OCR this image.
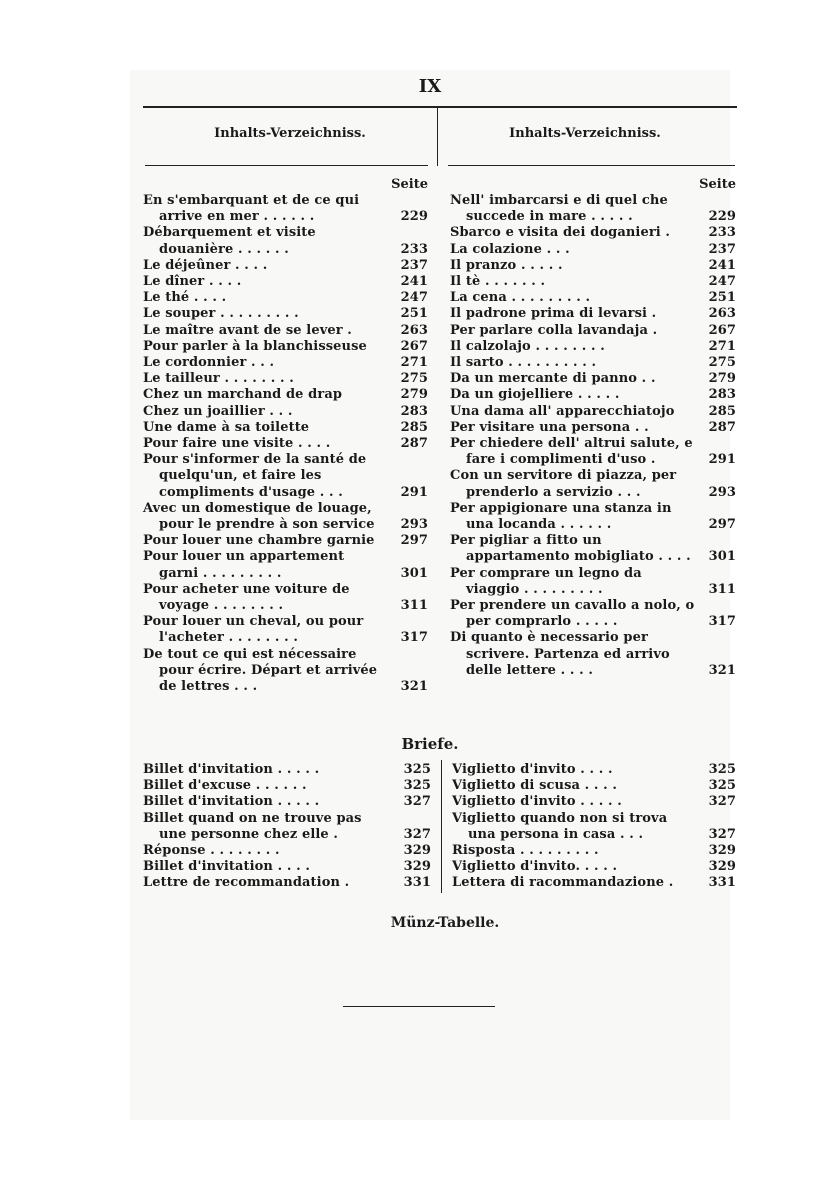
IX
Inhalts-Verzeichniss.	Inhalts-Verzeichniss.
Seite	Seite
En s'embarquant et de ce qui arrive en mer . . . . . .	229
Débarquement et visite douanière . . . . . .	233
Le déjeûner . . . .	237
Le dîner . . . .	241
Le thé . . . .	247
Le souper . . . . . . . . .	251
Le maître avant de se lever .	263
Pour parler à la blanchisseuse	267
Le cordonnier . . .	271
Le tailleur . . . . . . . .	275
Chez un marchand de drap	279
Chez un joaillier . . .	283
Une dame à sa toilette	285
Pour faire une visite . . . .	287
Pour s'informer de la santé de quelqu'un, et faire les compliments d'usage . . .	291
Avec un domestique de louage, pour le prendre à son service	293
Pour louer une chambre garnie	297
Pour louer un appartement garni . . . . . . . . .	301
Pour acheter une voiture de voyage . . . . . . . .	311
Pour louer un cheval, ou pour l'acheter . . . . . . . .	317
De tout ce qui est nécessaire pour écrire. Départ et arrivée de lettres . . .	321
Nell' imbarcarsi e di quel che succede in mare . . . . .	229
Sbarco e visita dei doganieri .	233
La colazione . . .	237
Il pranzo . . . . .	241
Il tè . . . . . . .	247
La cena . . . . . . . . .	251
Il padrone prima di levarsi .	263
Per parlare colla lavandaja .	267
Il calzolajo . . . . . . . .	271
Il sarto . . . . . . . . . .	275
Da un mercante di panno . .	279
Da un giojelliere . . . . .	283
Una dama all' apparecchiatojo	285
Per visitare una persona . .	287
Per chiedere dell' altrui salute, e fare i complimenti d'uso .	291
Con un servitore di piazza, per prenderlo a servizio . . .	293
Per appigionare una stanza in una locanda . . . . . .	297
Per pigliar a fitto un appartamento mobigliato . . . .	301
Per comprare un legno da viaggio . . . . . . . . .	311
Per prendere un cavallo a nolo, o per comprarlo . . . . .	317
Di quanto è necessario per scrivere. Partenza ed arrivo delle lettere . . . .	321
Briefe.
Billet d'invitation . . . . .	325
Billet d'excuse . . . . . .	325
Billet d'invitation . . . . .	327
Billet quand on ne trouve pas une personne chez elle .	327
Réponse . . . . . . . .	329
Billet d'invitation . . . .	329
Lettre de recommandation .	331
Viglietto d'invito . . . .	325
Viglietto di scusa . . . .	325
Viglietto d'invito . . . . .	327
Viglietto quando non si trova una persona in casa . . .	327
Risposta . . . . . . . . .	329
Viglietto d'invito. . . . .	329
Lettera di racommandazione .	331
Münz-Tabelle.
